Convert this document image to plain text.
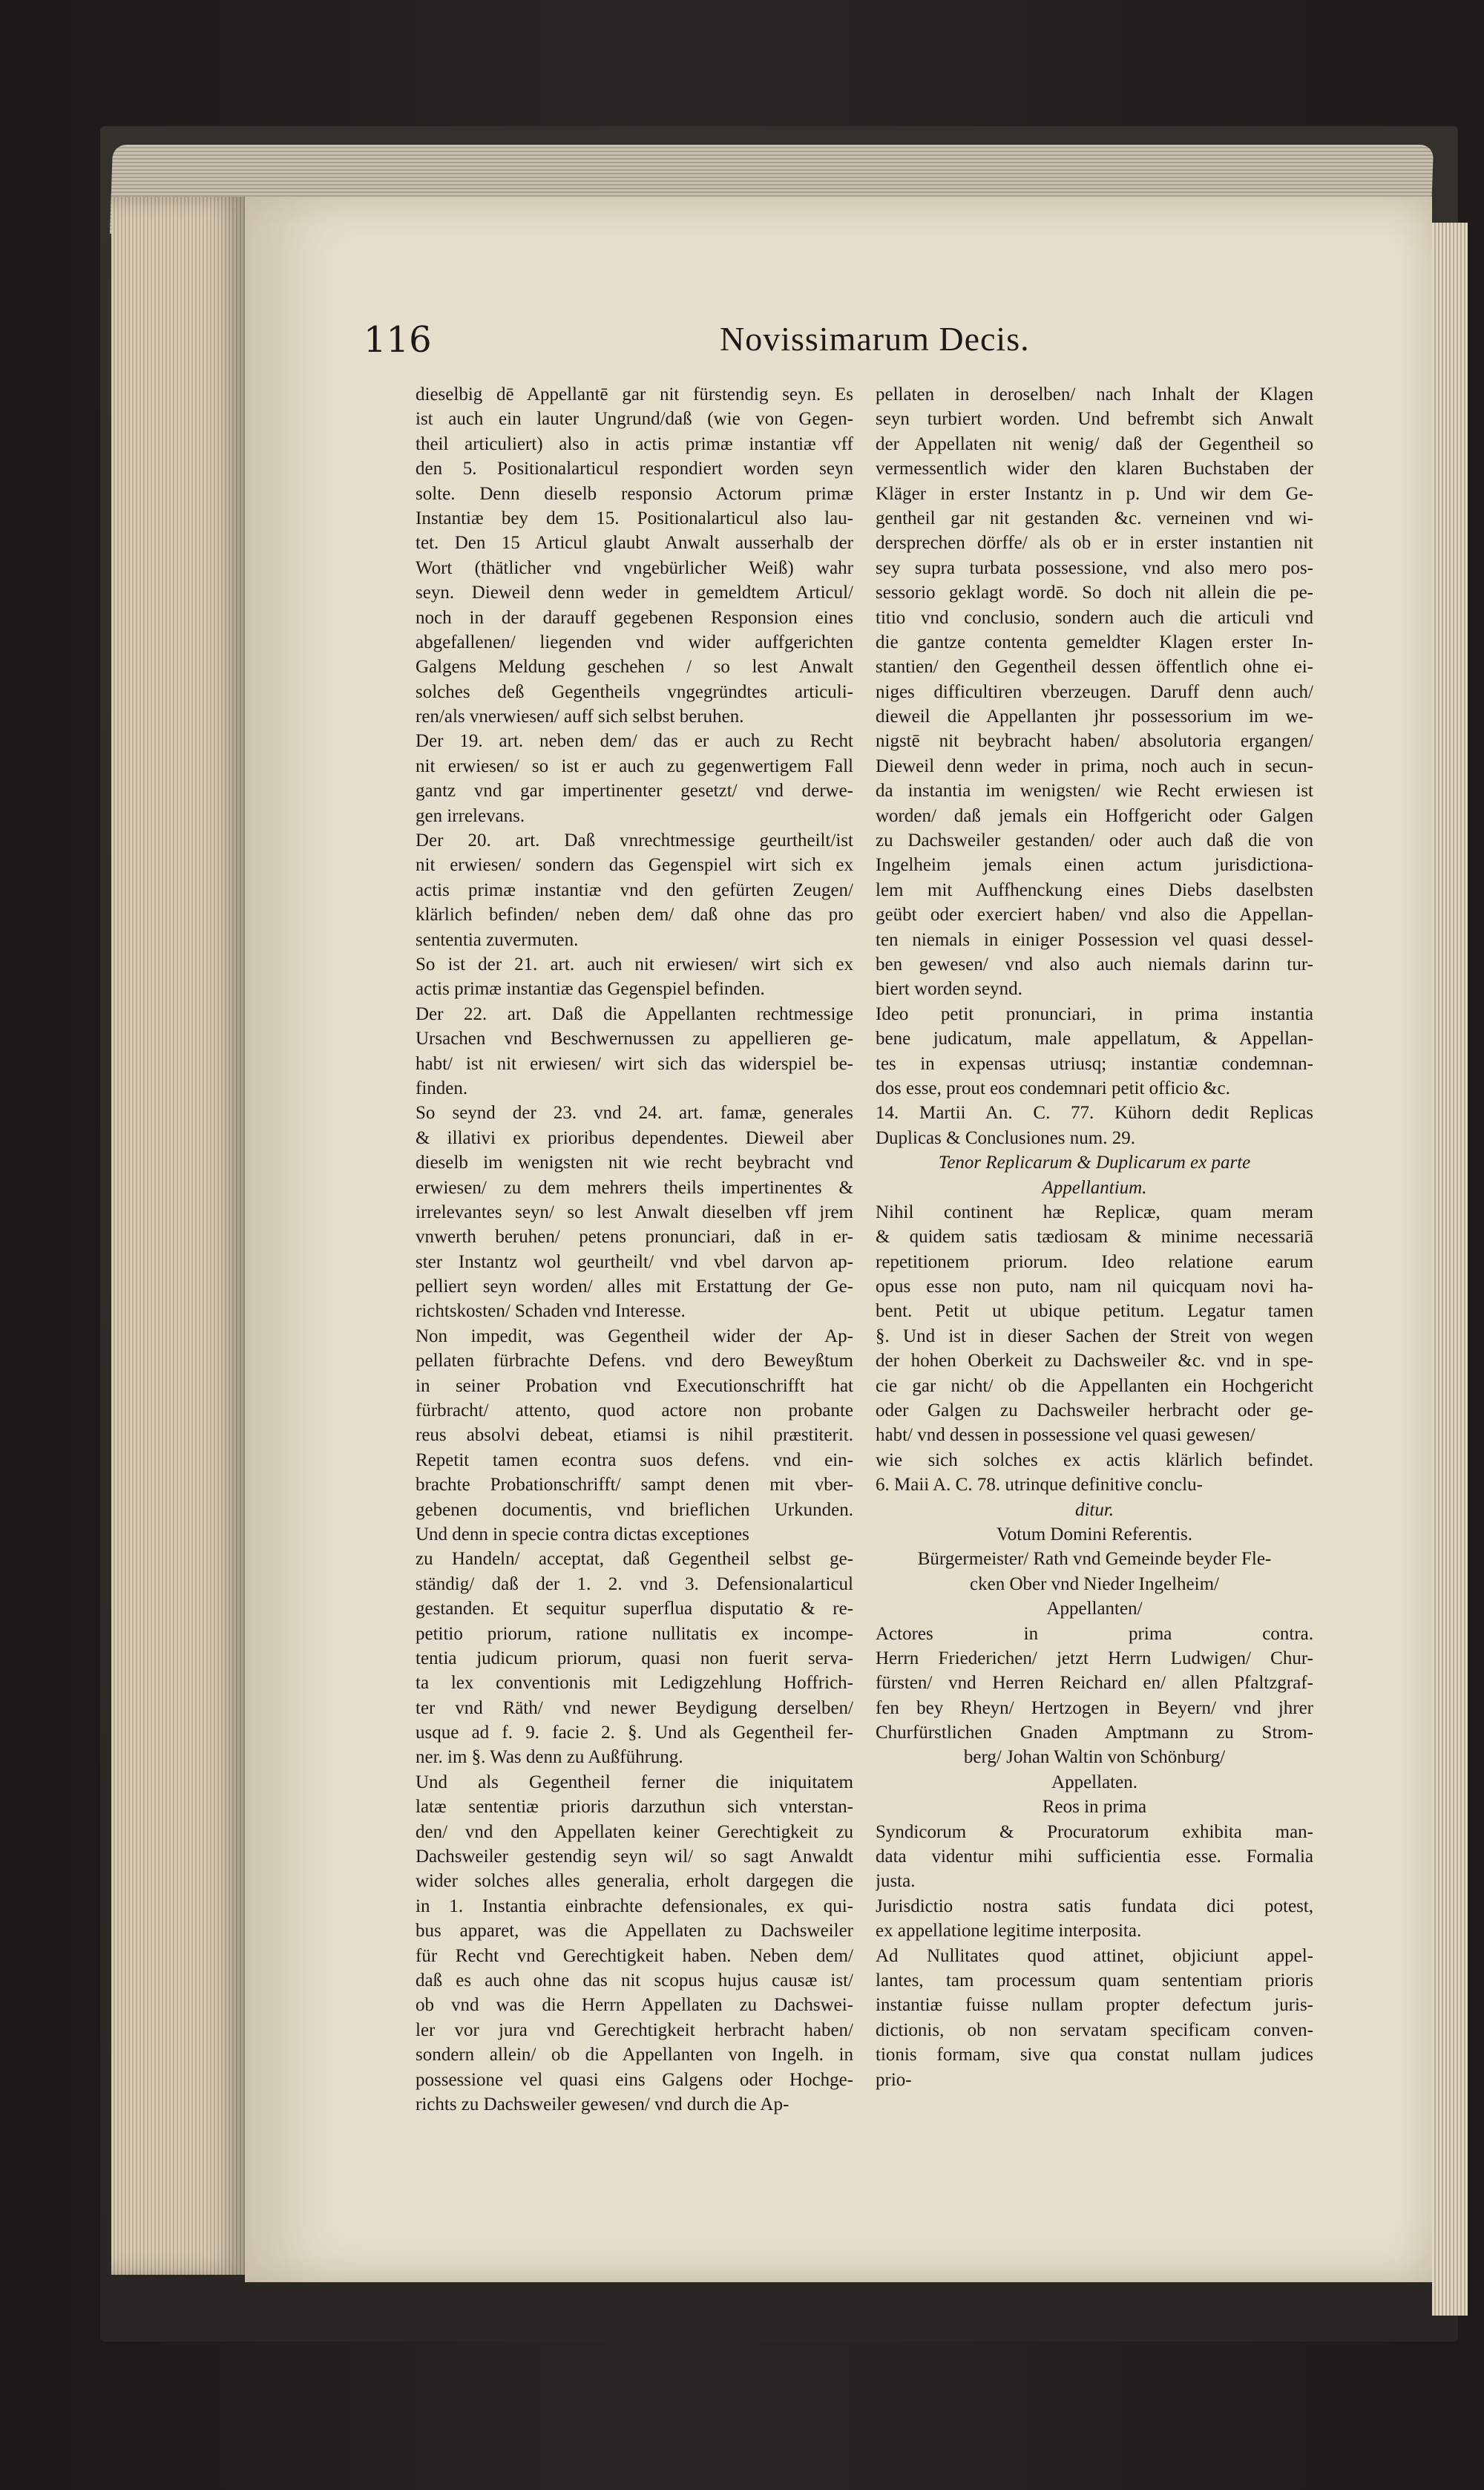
116	Novissimarum Decis.
dieselbig dē Appellantē gar nit fürstendig seyn. Es
ist auch ein lauter Ungrund/daß (wie von Gegen-
theil articuliert) also in actis primæ instantiæ vff
den 5. Positionalarticul respondiert worden seyn
solte. Denn dieselb responsio Actorum primæ
Instantiæ bey dem 15. Positionalarticul also lau-
tet. Den 15 Articul glaubt Anwalt ausserhalb der
Wort (thätlicher vnd vngebürlicher Weiß) wahr
seyn. Dieweil denn weder in gemeldtem Articul/
noch in der darauff gegebenen Responsion eines
abgefallenen/ liegenden vnd wider auffgerichten
Galgens Meldung geschehen / so lest Anwalt
solches deß Gegentheils vngegründtes articuli-
ren/als vnerwiesen/ auff sich selbst beruhen.
Der 19. art. neben dem/ das er auch zu Recht
nit erwiesen/ so ist er auch zu gegenwertigem Fall
gantz vnd gar impertinenter gesetzt/ vnd derwe-
gen irrelevans.
Der 20. art. Daß vnrechtmessige geurtheilt/ist
nit erwiesen/ sondern das Gegenspiel wirt sich ex
actis primæ instantiæ vnd den gefürten Zeugen/
klärlich befinden/ neben dem/ daß ohne das pro
sententia zuvermuten.
So ist der 21. art. auch nit erwiesen/ wirt sich ex
actis primæ instantiæ das Gegenspiel befinden.
Der 22. art. Daß die Appellanten rechtmessige
Ursachen vnd Beschwernussen zu appellieren ge-
habt/ ist nit erwiesen/ wirt sich das widerspiel be-
finden.
So seynd der 23. vnd 24. art. famæ, generales
& illativi ex prioribus dependentes. Dieweil aber
dieselb im wenigsten nit wie recht beybracht vnd
erwiesen/ zu dem mehrers theils impertinentes &
irrelevantes seyn/ so lest Anwalt dieselben vff jrem
vnwerth beruhen/ petens pronunciari, daß in er-
ster Instantz wol geurtheilt/ vnd vbel darvon ap-
pelliert seyn worden/ alles mit Erstattung der Ge-
richtskosten/ Schaden vnd Interesse.
Non impedit, was Gegentheil wider der Ap-
pellaten fürbrachte Defens. vnd dero Beweyßtum
in seiner Probation vnd Executionschrifft hat
fürbracht/ attento, quod actore non probante
reus absolvi debeat, etiamsi is nihil præstiterit.
Repetit tamen econtra suos defens. vnd ein-
brachte Probationschrifft/ sampt denen mit vber-
gebenen documentis, vnd brieflichen Urkunden.
Und denn in specie contra dictas exceptiones
zu Handeln/ acceptat, daß Gegentheil selbst ge-
ständig/ daß der 1. 2. vnd 3. Defensionalarticul
gestanden. Et sequitur superflua disputatio & re-
petitio priorum, ratione nullitatis ex incompe-
tentia judicum priorum, quasi non fuerit serva-
ta lex conventionis mit Ledigzehlung Hoffrich-
ter vnd Räth/ vnd newer Beydigung derselben/
usque ad f. 9. facie 2. §. Und als Gegentheil fer-
ner. im §. Was denn zu Außführung.
Und als Gegentheil ferner die iniquitatem
latæ sententiæ prioris darzuthun sich vnterstan-
den/ vnd den Appellaten keiner Gerechtigkeit zu
Dachsweiler gestendig seyn wil/ so sagt Anwaldt
wider solches alles generalia, erholt dargegen die
in 1. Instantia einbrachte defensionales, ex qui-
bus apparet, was die Appellaten zu Dachsweiler
für Recht vnd Gerechtigkeit haben. Neben dem/
daß es auch ohne das nit scopus hujus causæ ist/
ob vnd was die Herrn Appellaten zu Dachswei-
ler vor jura vnd Gerechtigkeit herbracht haben/
sondern allein/ ob die Appellanten von Ingelh. in
possessione vel quasi eins Galgens oder Hochge-
richts zu Dachsweiler gewesen/ vnd durch die Ap-
pellaten in deroselben/ nach Inhalt der Klagen
seyn turbiert worden. Und befrembt sich Anwalt
der Appellaten nit wenig/ daß der Gegentheil so
vermessentlich wider den klaren Buchstaben der
Kläger in erster Instantz in p. Und wir dem Ge-
gentheil gar nit gestanden &c. verneinen vnd wi-
dersprechen dörffe/ als ob er in erster instantien nit
sey supra turbata possessione, vnd also mero pos-
sessorio geklagt wordē. So doch nit allein die pe-
titio vnd conclusio, sondern auch die articuli vnd
die gantze contenta gemeldter Klagen erster In-
stantien/ den Gegentheil dessen öffentlich ohne ei-
niges difficultiren vberzeugen. Daruff denn auch/
dieweil die Appellanten jhr possessorium im we-
nigstē nit beybracht haben/ absolutoria ergangen/
Dieweil denn weder in prima, noch auch in secun-
da instantia im wenigsten/ wie Recht erwiesen ist
worden/ daß jemals ein Hoffgericht oder Galgen
zu Dachsweiler gestanden/ oder auch daß die von
Ingelheim jemals einen actum jurisdictiona-
lem mit Auffhenckung eines Diebs daselbsten
geübt oder exerciert haben/ vnd also die Appellan-
ten niemals in einiger Possession vel quasi dessel-
ben gewesen/ vnd also auch niemals darinn tur-
biert worden seynd.
Ideo petit pronunciari, in prima instantia
bene judicatum, male appellatum, & Appellan-
tes in expensas utriusq; instantiæ condemnan-
dos esse, prout eos condemnari petit officio &c.
14. Martii An. C. 77. Kühorn dedit Replicas
Duplicas & Conclusiones num. 29.
Tenor Replicarum & Duplicarum ex parte
Appellantium.
Nihil continent hæ Replicæ, quam meram
& quidem satis tædiosam & minime necessariā
repetitionem priorum. Ideo relatione earum
opus esse non puto, nam nil quicquam novi ha-
bent. Petit ut ubique petitum. Legatur tamen
§. Und ist in dieser Sachen der Streit von wegen
der hohen Oberkeit zu Dachsweiler &c. vnd in spe-
cie gar nicht/ ob die Appellanten ein Hochgericht
oder Galgen zu Dachsweiler herbracht oder ge-
habt/ vnd dessen in possessione vel quasi gewesen/
wie sich solches ex actis klärlich befindet.
6. Maii A. C. 78. utrinque definitive conclu-
ditur.
Votum Domini Referentis.
Bürgermeister/ Rath vnd Gemeinde beyder Fle-
cken Ober vnd Nieder Ingelheim/
Appellanten/
Actores in prima contra.
Herrn Friederichen/ jetzt Herrn Ludwigen/ Chur-
fürsten/ vnd Herren Reichard en/ allen Pfaltzgraf-
fen bey Rheyn/ Hertzogen in Beyern/ vnd jhrer
Churfürstlichen Gnaden Amptmann zu Strom-
berg/ Johan Waltin von Schönburg/
Appellaten.
Reos in prima
Syndicorum & Procuratorum exhibita man-
data videntur mihi sufficientia esse. Formalia
justa.
Jurisdictio nostra satis fundata dici potest,
ex appellatione legitime interposita.
Ad Nullitates quod attinet, objiciunt appel-
lantes, tam processum quam sententiam prioris
instantiæ fuisse nullam propter defectum juris-
dictionis, ob non servatam specificam conven-
tionis formam, sive qua constat nullam judices
prio-
